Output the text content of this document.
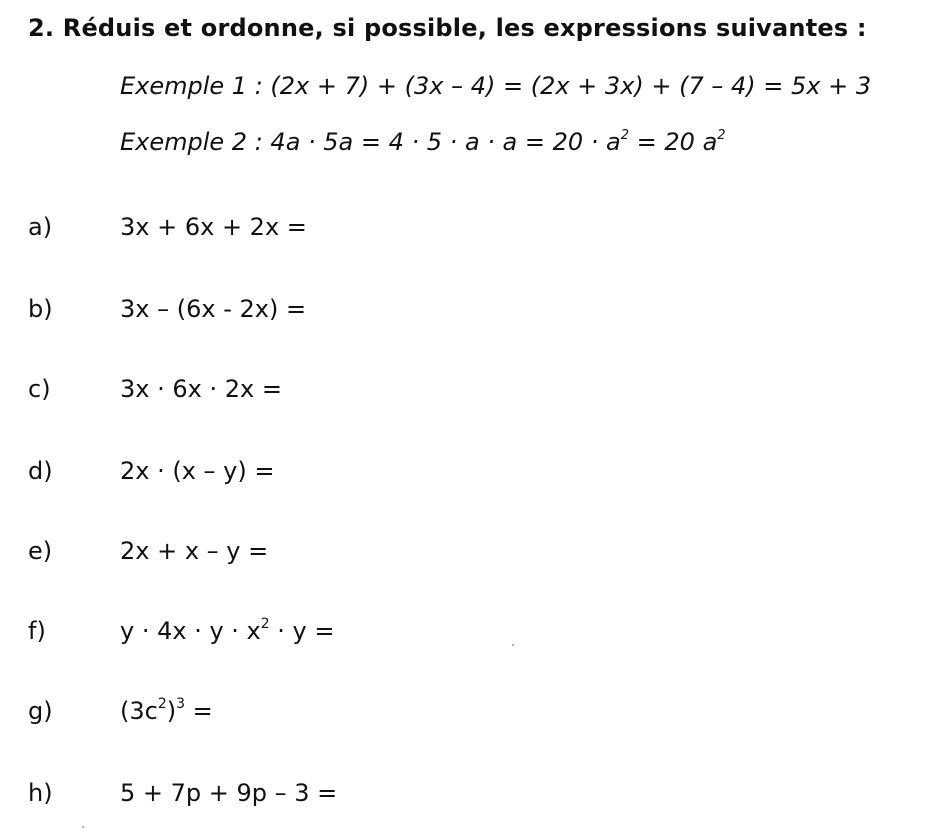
2. Réduis et ordonne, si possible, les expressions suivantes :
Exemple 1 : (2x + 7) + (3x – 4) = (2x + 3x) + (7 – 4) = 5x + 3
Exemple 2 : $4a \cdot 5a = 4 \cdot 5 \cdot a \cdot a = 20 \cdot a^2 = 20$ $a^2$
a)	3x + 6x + 2x =
b)	3x – (6x - 2x) =
c)	3x · 6x · 2x =
d)	2x · (x – y) =
e)	2x + x – y =
f)	$y \cdot 4x \cdot y \cdot x^2 \cdot y$ =
g)	$(3c^2)^3$ =
h)	5 + 7p + 9p – 3 =
